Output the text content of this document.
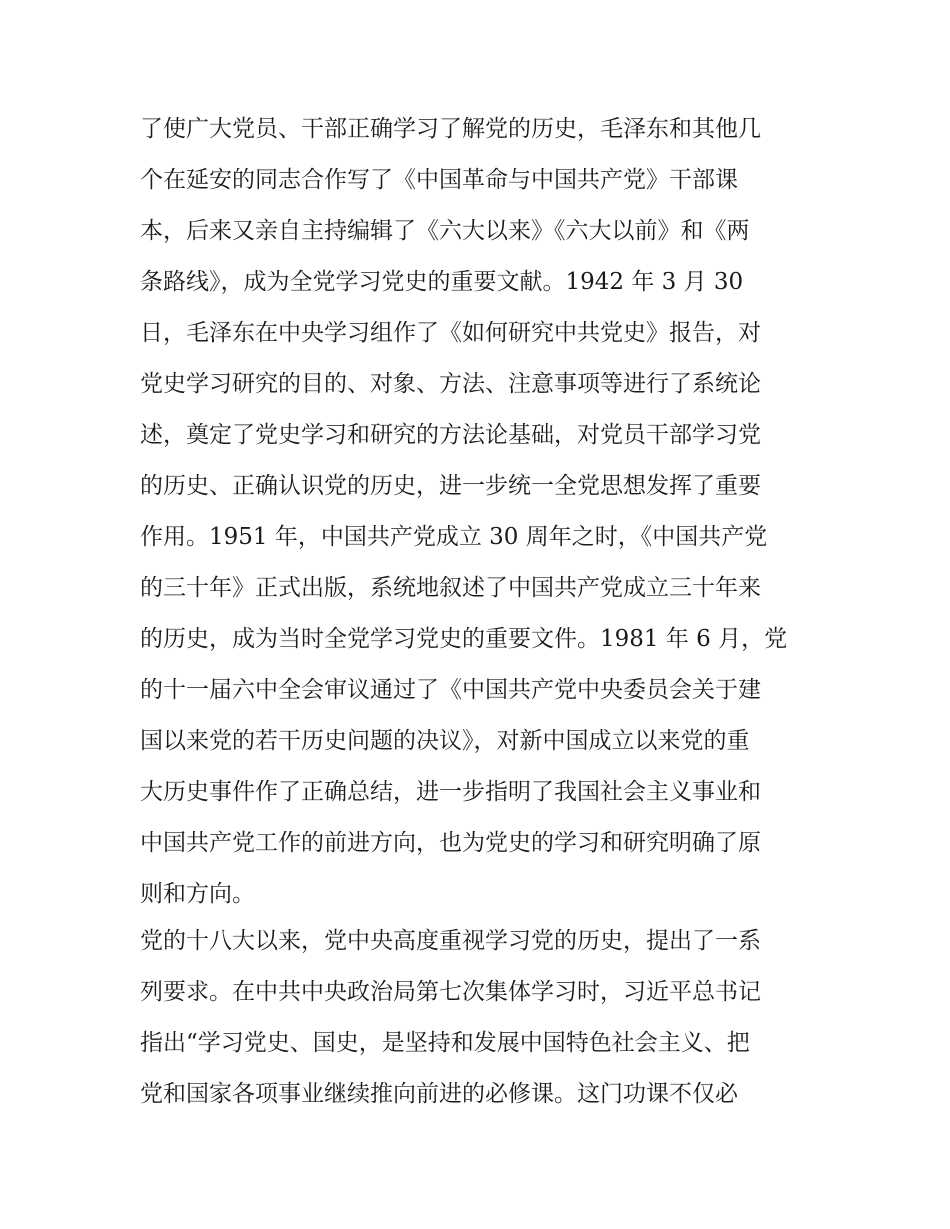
了使广大党员、干部正确学习了解党的历史，毛泽东和其他几
个在延安的同志合作写了《中国革命与中国共产党》干部课
本，后来又亲自主持编辑了《六大以来》《六大以前》和《两
条路线》，成为全党学习党史的重要文献。1942 年 3 月 30
日，毛泽东在中央学习组作了《如何研究中共党史》报告，对
党史学习研究的目的、对象、方法、注意事项等进行了系统论
述，奠定了党史学习和研究的方法论基础，对党员干部学习党
的历史、正确认识党的历史，进一步统一全党思想发挥了重要
作用。1951 年，中国共产党成立 30 周年之时，《中国共产党
的三十年》正式出版，系统地叙述了中国共产党成立三十年来
的历史，成为当时全党学习党史的重要文件。1981 年 6 月，党
的十一届六中全会审议通过了《中国共产党中央委员会关于建
国以来党的若干历史问题的决议》，对新中国成立以来党的重
大历史事件作了正确总结，进一步指明了我国社会主义事业和
中国共产党工作的前进方向，也为党史的学习和研究明确了原
则和方向。
党的十八大以来，党中央高度重视学习党的历史，提出了一系
列要求。在中共中央政治局第七次集体学习时，习近平总书记
指出“学习党史、国史，是坚持和发展中国特色社会主义、把
党和国家各项事业继续推向前进的必修课。这门功课不仅必
